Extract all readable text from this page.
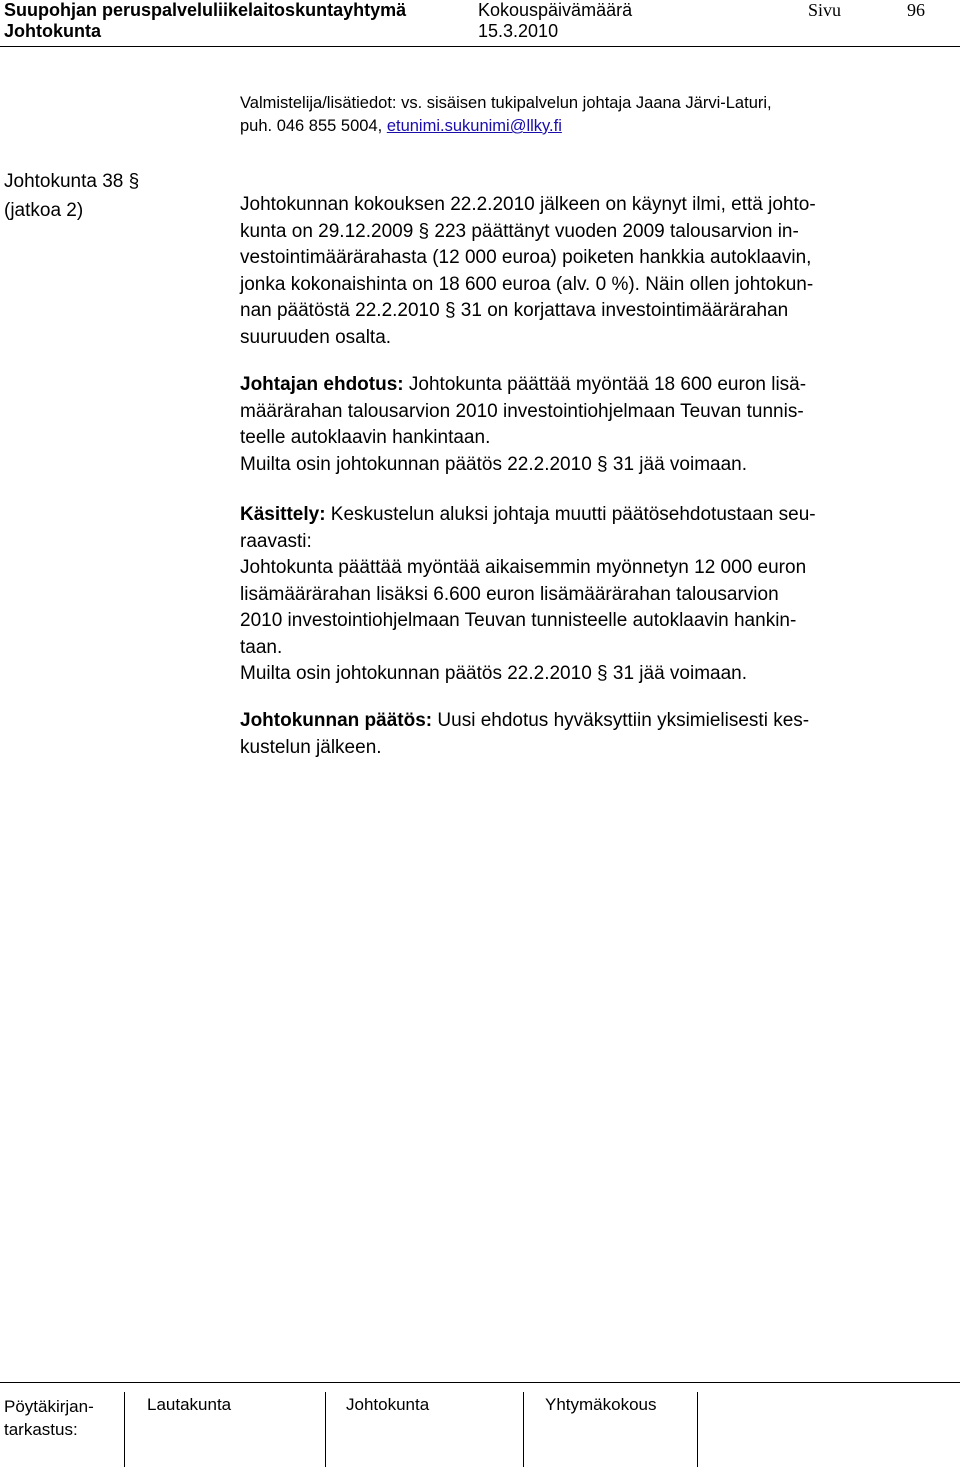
Suupohjan peruspalveluliikelaitoskuntayhtymä	Kokouspäivämäärä	Sivu	96
Johtokunta	15.3.2010
Valmistelija/lisätiedot: vs. sisäisen tukipalvelun johtaja Jaana Järvi-Laturi,
puh. 046 855 5004, etunimi.sukunimi@llky.fi
Johtokunta 38 §
(jatkoa 2)	Johtokunnan kokouksen 22.2.2010 jälkeen on käynyt ilmi, että johto-
kunta on 29.12.2009 § 223 päättänyt vuoden 2009 talousarvion in-
vestointimäärärahasta (12 000 euroa) poiketen hankkia autoklaavin,
jonka kokonaishinta on 18 600 euroa (alv. 0 %). Näin ollen johtokun-
nan päätöstä 22.2.2010 § 31 on korjattava investointimäärärahan
suuruuden osalta.
Johtajan ehdotus: Johtokunta päättää myöntää 18 600 euron lisä-
määrärahan talousarvion 2010 investointiohjelmaan Teuvan tunnis-
teelle autoklaavin hankintaan.
Muilta osin johtokunnan päätös 22.2.2010 § 31 jää voimaan.
Käsittely: Keskustelun aluksi johtaja muutti päätösehdotustaan seu-
raavasti:
Johtokunta päättää myöntää aikaisemmin myönnetyn 12 000 euron
lisämäärärahan lisäksi 6.600 euron lisämäärärahan talousarvion
2010 investointiohjelmaan Teuvan tunnisteelle autoklaavin hankin-
taan.
Muilta osin johtokunnan päätös 22.2.2010 § 31 jää voimaan.
Johtokunnan päätös: Uusi ehdotus hyväksyttiin yksimielisesti kes-
kustelun jälkeen.
Pöytäkirjan-
tarkastus:
Lautakunta	Johtokunta	Yhtymäkokous
